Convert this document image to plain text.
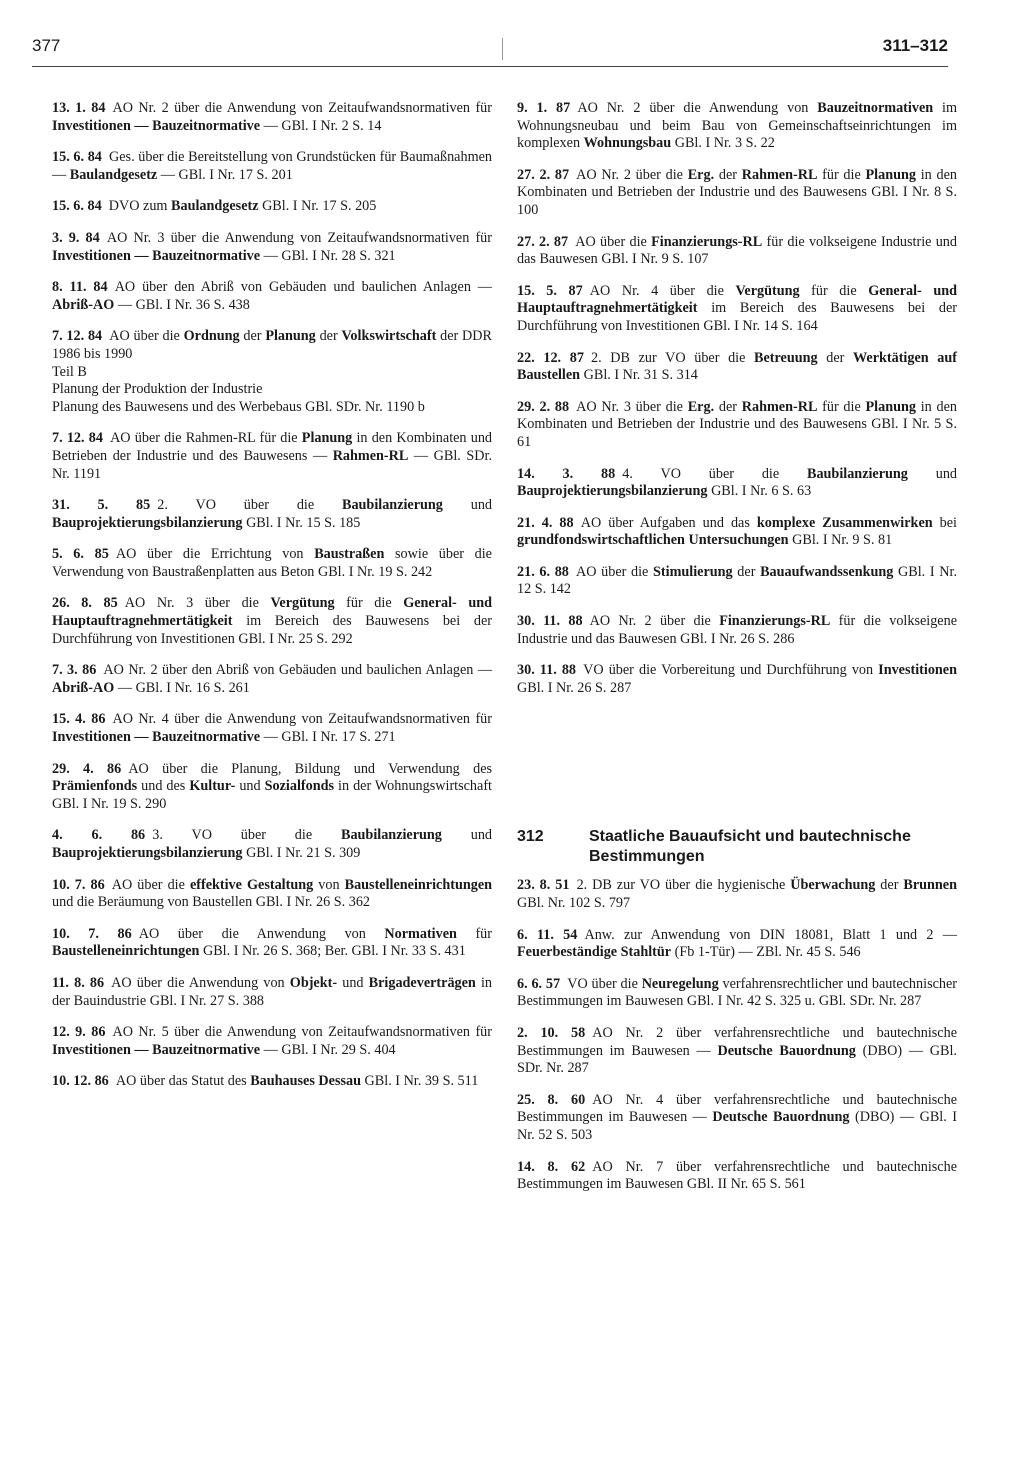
377	311–312

13. 1. 84  AO Nr. 2 über die Anwendung von Zeitaufwandsnormativen für Investitionen — Bauzeitnormative — GBl. I Nr. 2 S. 14

15. 6. 84  Ges. über die Bereitstellung von Grundstücken für Baumaßnahmen — Baulandgesetz — GBl. I Nr. 17 S. 201

15. 6. 84  DVO zum Baulandgesetz GBl. I Nr. 17 S. 205

3. 9. 84  AO Nr. 3 über die Anwendung von Zeitaufwandsnormativen für Investitionen — Bauzeitnormative — GBl. I Nr. 28 S. 321

8. 11. 84  AO über den Abriß von Gebäuden und baulichen Anlagen — Abriß-AO — GBl. I Nr. 36 S. 438

7. 12. 84  AO über die Ordnung der Planung der Volkswirtschaft der DDR 1986 bis 1990
Teil B
Planung der Produktion der Industrie
Planung des Bauwesens und des Werbebaus GBl. SDr. Nr. 1190 b

7. 12. 84  AO über die Rahmen-RL für die Planung in den Kombinaten und Betrieben der Industrie und des Bauwesens — Rahmen-RL — GBl. SDr. Nr. 1191

31. 5. 85  2. VO über die Baubilanzierung und Bauprojektierungsbilanzierung GBl. I Nr. 15 S. 185

5. 6. 85  AO über die Errichtung von Baustraßen sowie über die Verwendung von Baustraßenplatten aus Beton GBl. I Nr. 19 S. 242

26. 8. 85  AO Nr. 3 über die Vergütung für die General- und Hauptauftragnehmertätigkeit im Bereich des Bauwesens bei der Durchführung von Investitionen GBl. I Nr. 25 S. 292

7. 3. 86  AO Nr. 2 über den Abriß von Gebäuden und baulichen Anlagen — Abriß-AO — GBl. I Nr. 16 S. 261

15. 4. 86  AO Nr. 4 über die Anwendung von Zeitaufwandsnormativen für Investitionen — Bauzeitnormative — GBl. I Nr. 17 S. 271

29. 4. 86  AO über die Planung, Bildung und Verwendung des Prämienfonds und des Kultur- und Sozialfonds in der Wohnungswirtschaft GBl. I Nr. 19 S. 290

4. 6. 86  3. VO über die Baubilanzierung und Bauprojektierungsbilanzierung GBl. I Nr. 21 S. 309

10. 7. 86  AO über die effektive Gestaltung von Baustelleneinrichtungen und die Beräumung von Baustellen GBl. I Nr. 26 S. 362

10. 7. 86  AO über die Anwendung von Normativen für Baustelleneinrichtungen GBl. I Nr. 26 S. 368; Ber. GBl. I Nr. 33 S. 431

11. 8. 86  AO über die Anwendung von Objekt- und Brigadeverträgen in der Bauindustrie GBl. I Nr. 27 S. 388

12. 9. 86  AO Nr. 5 über die Anwendung von Zeitaufwandsnormativen für Investitionen — Bauzeitnormative — GBl. I Nr. 29 S. 404

10. 12. 86  AO über das Statut des Bauhauses Dessau GBl. I Nr. 39 S. 511

9. 1. 87  AO Nr. 2 über die Anwendung von Bauzeitnormativen im Wohnungsneubau und beim Bau von Gemeinschaftseinrichtungen im komplexen Wohnungsbau GBl. I Nr. 3 S. 22

27. 2. 87  AO Nr. 2 über die Erg. der Rahmen-RL für die Planung in den Kombinaten und Betrieben der Industrie und des Bauwesens GBl. I Nr. 8 S. 100

27. 2. 87  AO über die Finanzierungs-RL für die volkseigene Industrie und das Bauwesen GBl. I Nr. 9 S. 107

15. 5. 87  AO Nr. 4 über die Vergütung für die General- und Hauptauftragnehmertätigkeit im Bereich des Bauwesens bei der Durchführung von Investitionen GBl. I Nr. 14 S. 164

22. 12. 87  2. DB zur VO über die Betreuung der Werktätigen auf Baustellen GBl. I Nr. 31 S. 314

29. 2. 88  AO Nr. 3 über die Erg. der Rahmen-RL für die Planung in den Kombinaten und Betrieben der Industrie und des Bauwesens GBl. I Nr. 5 S. 61

14. 3. 88  4. VO über die Baubilanzierung und Bauprojektierungsbilanzierung GBl. I Nr. 6 S. 63

21. 4. 88  AO über Aufgaben und das komplexe Zusammenwirken bei grundfondswirtschaftlichen Untersuchungen GBl. I Nr. 9 S. 81

21. 6. 88  AO über die Stimulierung der Bauaufwandssenkung GBl. I Nr. 12 S. 142

30. 11. 88  AO Nr. 2 über die Finanzierungs-RL für die volkseigene Industrie und das Bauwesen GBl. I Nr. 26 S. 286

30. 11. 88  VO über die Vorbereitung und Durchführung von Investitionen GBl. I Nr. 26 S. 287

312	Staatliche Bauaufsicht und bautechnische Bestimmungen

23. 8. 51  2. DB zur VO über die hygienische Überwachung der Brunnen GBl. Nr. 102 S. 797

6. 11. 54  Anw. zur Anwendung von DIN 18081, Blatt 1 und 2 — Feuerbeständige Stahltür (Fb 1-Tür) — ZBl. Nr. 45 S. 546

6. 6. 57  VO über die Neuregelung verfahrensrechtlicher und bautechnischer Bestimmungen im Bauwesen GBl. I Nr. 42 S. 325 u. GBl. SDr. Nr. 287

2. 10. 58  AO Nr. 2 über verfahrensrechtliche und bautechnische Bestimmungen im Bauwesen — Deutsche Bauordnung (DBO) — GBl. SDr. Nr. 287

25. 8. 60  AO Nr. 4 über verfahrensrechtliche und bautechnische Bestimmungen im Bauwesen — Deutsche Bauordnung (DBO) — GBl. I Nr. 52 S. 503

14. 8. 62  AO Nr. 7 über verfahrensrechtliche und bautechnische Bestimmungen im Bauwesen GBl. II Nr. 65 S. 561
